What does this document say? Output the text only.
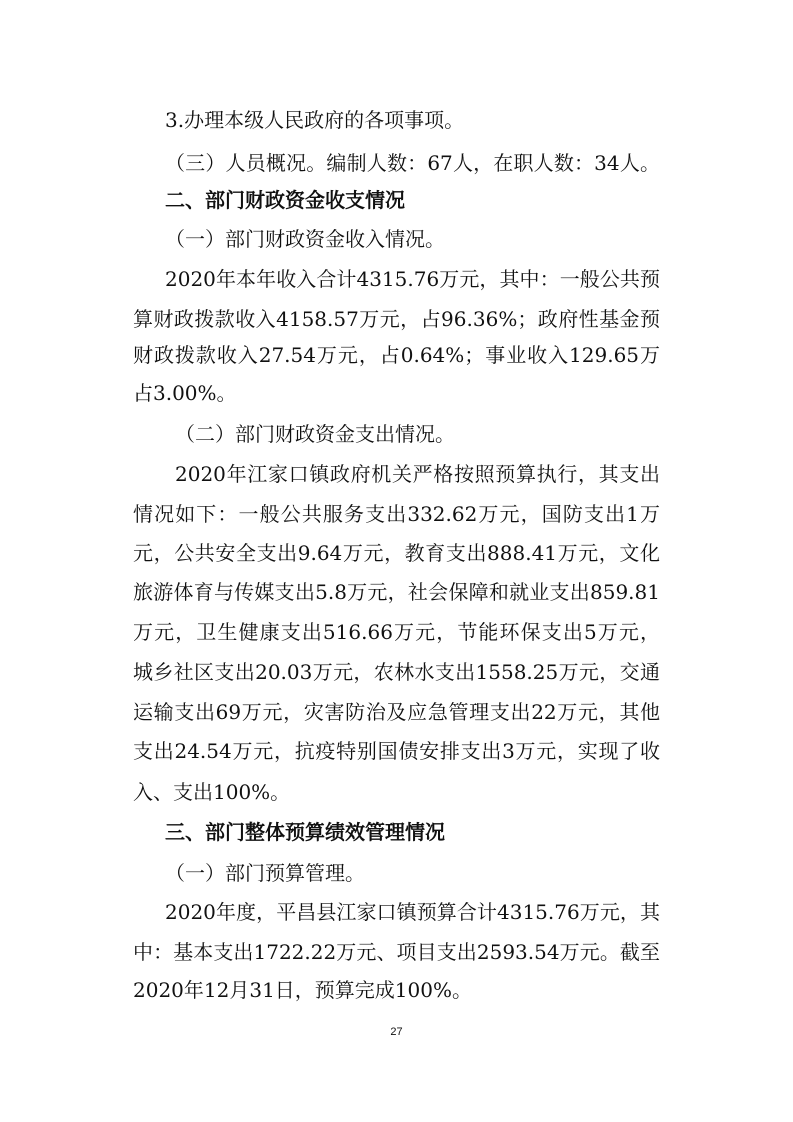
3.办理本级人民政府的各项事项。
（三）人员概况。编制人数：67人，在职人数：34人。
二、部门财政资金收支情况
（一）部门财政资金收入情况。
2020年本年收入合计4315.76万元，其中：一般公共预
算财政拨款收入4158.57万元，占96.36%；政府性基金预
财政拨款收入27.54万元，占0.64%；事业收入129.65万
占3.00%。
（二）部门财政资金支出情况。
2020年江家口镇政府机关严格按照预算执行，其支出
情况如下：一般公共服务支出332.62万元，国防支出1万
元，公共安全支出9.64万元，教育支出888.41万元，文化
旅游体育与传媒支出5.8万元，社会保障和就业支出859.81
万元，卫生健康支出516.66万元，节能环保支出5万元，
城乡社区支出20.03万元，农林水支出1558.25万元，交通
运输支出69万元，灾害防治及应急管理支出22万元，其他
支出24.54万元，抗疫特别国债安排支出3万元，实现了收
入、支出100%。
三、部门整体预算绩效管理情况
（一）部门预算管理。
2020年度，平昌县江家口镇预算合计4315.76万元，其
中：基本支出1722.22万元、项目支出2593.54万元。截至
2020年12月31日，预算完成100%。
27
